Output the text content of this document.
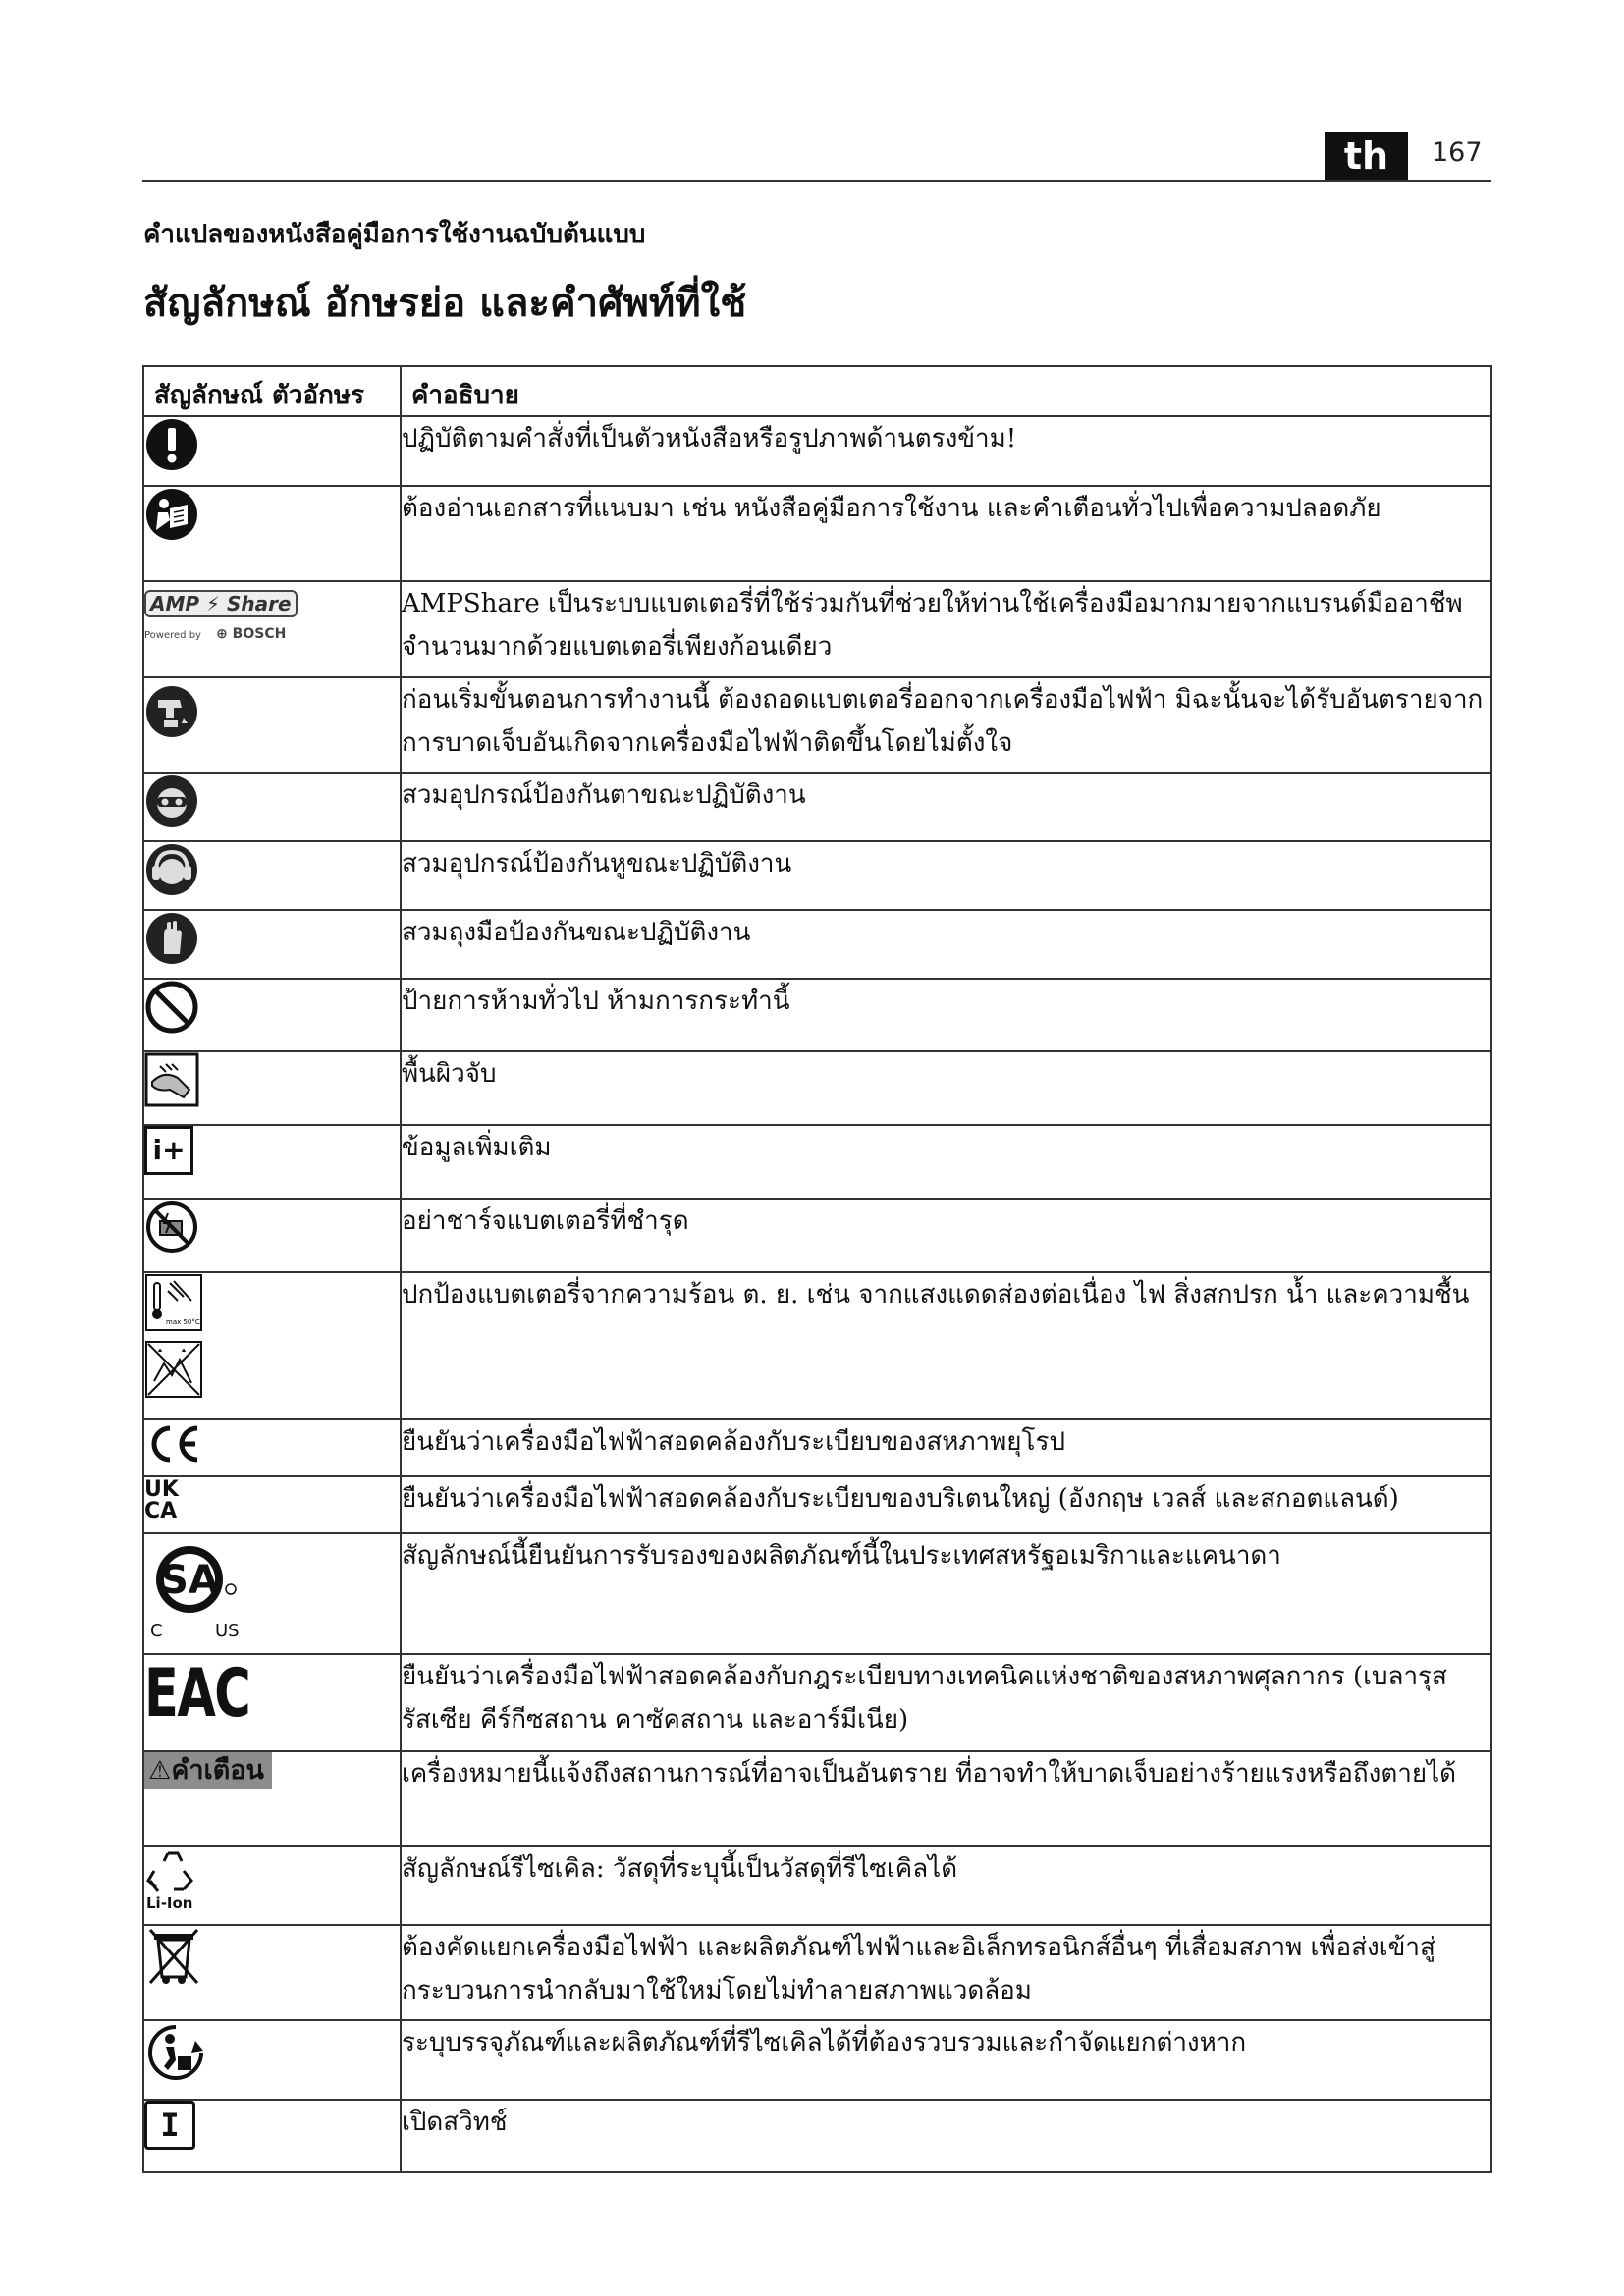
th	167
คำแปลของหนังสือคู่มือการใช้งานฉบับต้นแบบ
สัญลักษณ์ อักษรย่อ และคำศัพท์ที่ใช้
สัญลักษณ์ ตัวอักษร	คำอธิบาย

	ปฏิบัติตามคำสั่งที่เป็นตัวหนังสือหรือรูปภาพด้านตรงข้าม!

	ต้องอ่านเอกสารที่แนบมา เช่น หนังสือคู่มือการใช้งาน และคำเตือนทั่วไปเพื่อความปลอดภัย

AMP ⚡ Share
Powered by ⊕ BOSCH	AMPShare เป็นระบบแบตเตอรี่ที่ใช้ร่วมกันที่ช่วยให้ท่านใช้เครื่องมือมากมายจากแบรนด์มืออาชีพจำนวนมากด้วยแบตเตอรี่เพียงก้อนเดียว

	ก่อนเริ่มขั้นตอนการทำงานนี้ ต้องถอดแบตเตอรี่ออกจากเครื่องมือไฟฟ้า มิฉะนั้นจะได้รับอันตรายจากการบาดเจ็บอันเกิดจากเครื่องมือไฟฟ้าติดขึ้นโดยไม่ตั้งใจ

	สวมอุปกรณ์ป้องกันตาขณะปฏิบัติงาน

	สวมอุปกรณ์ป้องกันหูขณะปฏิบัติงาน

	สวมถุงมือป้องกันขณะปฏิบัติงาน

	ป้ายการห้ามทั่วไป ห้ามการกระทำนี้

	พื้นผิวจับ

i+	ข้อมูลเพิ่มเติม

	อย่าชาร์จแบตเตอรี่ที่ชำรุด

max 50°C	ปกป้องแบตเตอรี่จากความร้อน ต. ย. เช่น จากแสงแดดส่องต่อเนื่อง ไฟ สิ่งสกปรก น้ำ และความชื้น

	ยืนยันว่าเครื่องมือไฟฟ้าสอดคล้องกับระเบียบของสหภาพยุโรป

UK
CA	ยืนยันว่าเครื่องมือไฟฟ้าสอดคล้องกับระเบียบของบริเตนใหญ่ (อังกฤษ เวลส์ และสกอตแลนด์)

SA
C US	สัญลักษณ์นี้ยืนยันการรับรองของผลิตภัณฑ์นี้ในประเทศสหรัฐอเมริกาและแคนาดา

EAC	ยืนยันว่าเครื่องมือไฟฟ้าสอดคล้องกับกฎระเบียบทางเทคนิคแห่งชาติของสหภาพศุลกากร (เบลารุส รัสเซีย คีร์กีซสถาน คาซัคสถาน และอาร์มีเนีย)
⚠คำเตือน	เครื่องหมายนี้แจ้งถึงสถานการณ์ที่อาจเป็นอันตราย ที่อาจทำให้บาดเจ็บอย่างร้ายแรงหรือถึงตายได้

Li-Ion	สัญลักษณ์รีไซเคิล: วัสดุที่ระบุนี้เป็นวัสดุที่รีไซเคิลได้

	ต้องคัดแยกเครื่องมือไฟฟ้า และผลิตภัณฑ์ไฟฟ้าและอิเล็กทรอนิกส์อื่นๆ ที่เสื่อมสภาพ เพื่อส่งเข้าสู่กระบวนการนำกลับมาใช้ใหม่โดยไม่ทำลายสภาพแวดล้อม

	ระบุบรรจุภัณฑ์และผลิตภัณฑ์ที่รีไซเคิลได้ที่ต้องรวบรวมและกำจัดแยกต่างหาก

I	เปิดสวิทช์
